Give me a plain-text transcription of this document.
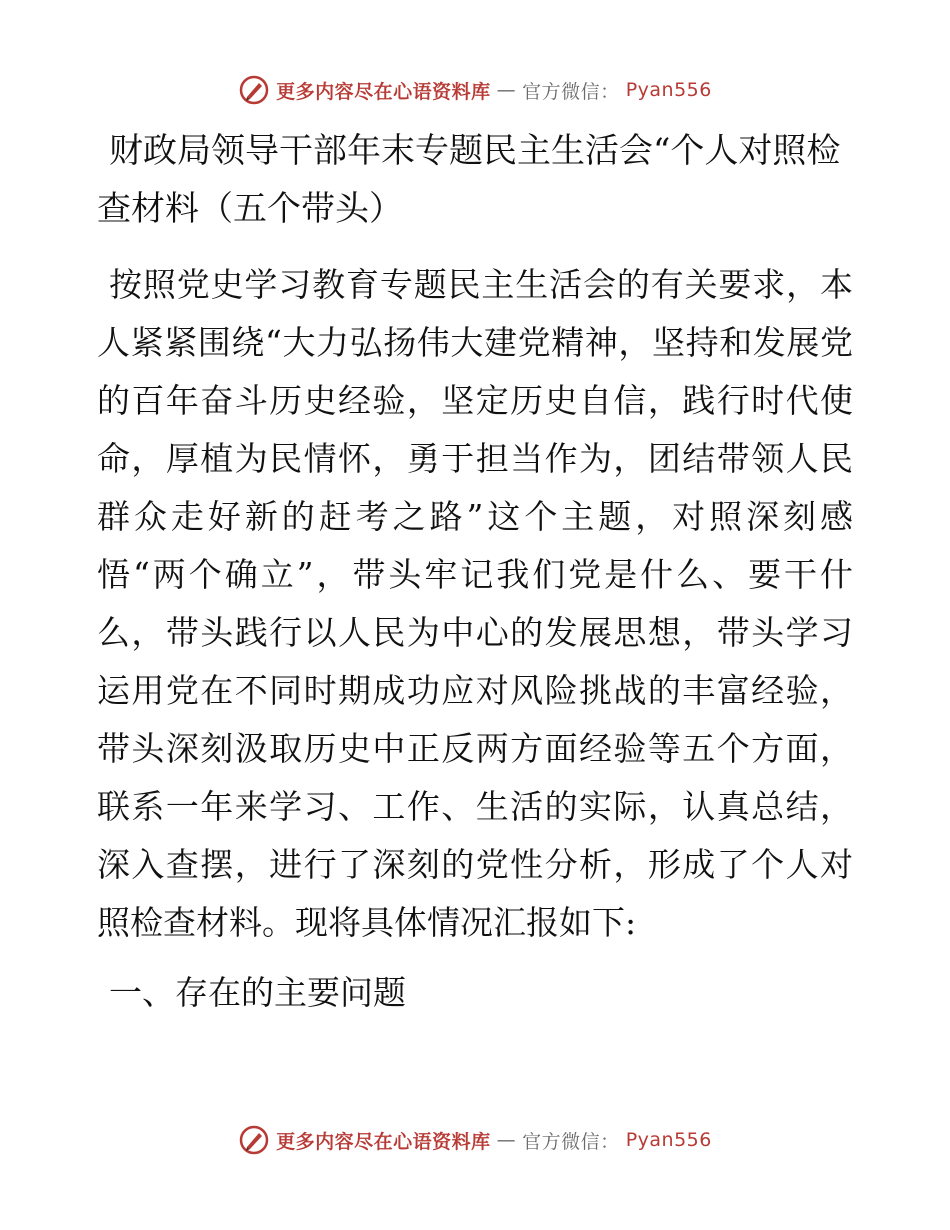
更多内容尽在心语资料库 — 官方微信： Pyan556
财政局领导干部年末专题民主生活会“个人对照检查材料（五个带头）

按照党史学习教育专题民主生活会的有关要求，本人紧紧围绕“大力弘扬伟大建党精神，坚持和发展党的百年奋斗历史经验，坚定历史自信，践行时代使命，厚植为民情怀，勇于担当作为，团结带领人民群众走好新的赶考之路”这个主题，对照深刻感悟“两个确立”，带头牢记我们党是什么、要干什么，带头践行以人民为中心的发展思想，带头学习运用党在不同时期成功应对风险挑战的丰富经验，带头深刻汲取历史中正反两方面经验等五个方面，联系一年来学习、工作、生活的实际，认真总结，深入查摆，进行了深刻的党性分析，形成了个人对照检查材料。现将具体情况汇报如下:

一、存在的主要问题
更多内容尽在心语资料库 — 官方微信： Pyan556
